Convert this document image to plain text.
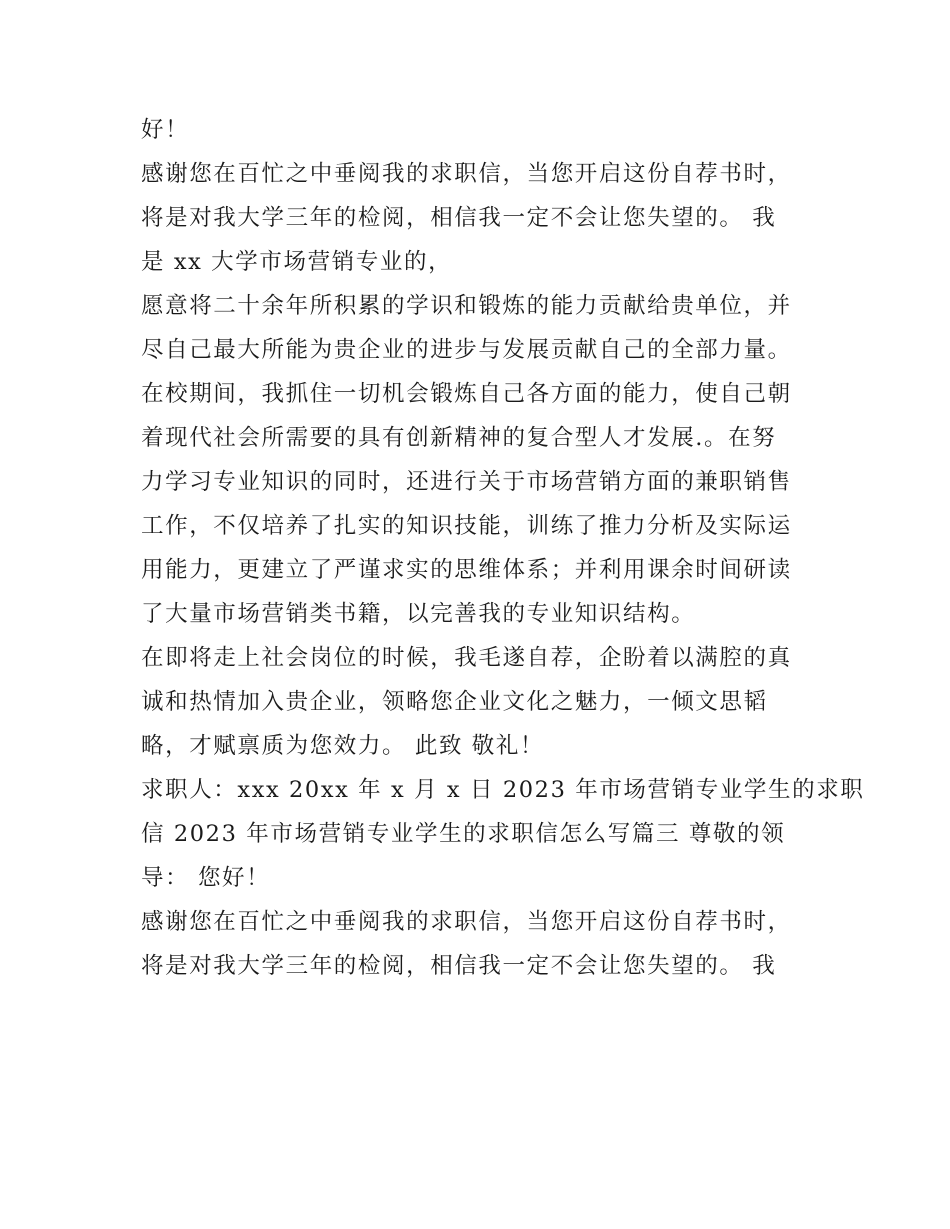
好！
感谢您在百忙之中垂阅我的求职信，当您开启这份自荐书时，
将是对我大学三年的检阅，相信我一定不会让您失望的。 我
是 xx 大学市场营销专业的，
愿意将二十余年所积累的学识和锻炼的能力贡献给贵单位，并
尽自己最大所能为贵企业的进步与发展贡献自己的全部力量。
在校期间，我抓住一切机会锻炼自己各方面的能力，使自己朝
着现代社会所需要的具有创新精神的复合型人才发展.。在努
力学习专业知识的同时，还进行关于市场营销方面的兼职销售
工作，不仅培养了扎实的知识技能，训练了推力分析及实际运
用能力，更建立了严谨求实的思维体系；并利用课余时间研读
了大量市场营销类书籍，以完善我的专业知识结构。
在即将走上社会岗位的时候，我毛遂自荐，企盼着以满腔的真
诚和热情加入贵企业，领略您企业文化之魅力，一倾文思韬
略，才赋禀质为您效力。 此致 敬礼！
求职人：xxx 20xx 年 x 月 x 日 2023 年市场营销专业学生的求职
信 2023 年市场营销专业学生的求职信怎么写篇三 尊敬的领
导： 您好！
感谢您在百忙之中垂阅我的求职信，当您开启这份自荐书时，
将是对我大学三年的检阅，相信我一定不会让您失望的。 我
